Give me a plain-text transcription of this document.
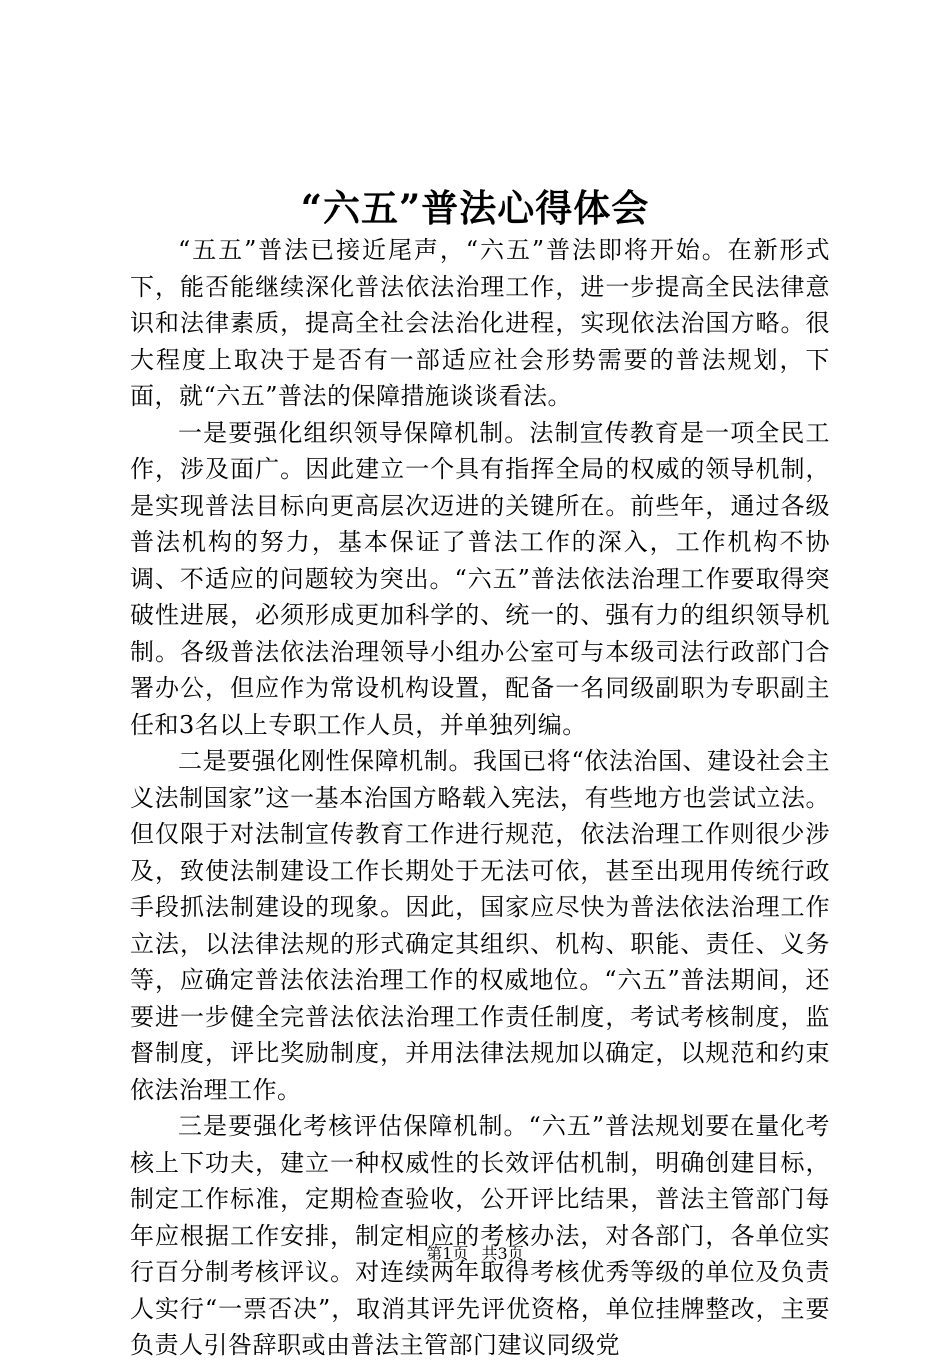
“六五”普法心得体会

“五五”普法已接近尾声，“六五”普法即将开始。在新形式下，能否能继续深化普法依法治理工作，进一步提高全民法律意识和法律素质，提高全社会法治化进程，实现依法治国方略。很大程度上取决于是否有一部适应社会形势需要的普法规划，下面，就“六五”普法的保障措施谈谈看法。

一是要强化组织领导保障机制。法制宣传教育是一项全民工作，涉及面广。因此建立一个具有指挥全局的权威的领导机制，是实现普法目标向更高层次迈进的关键所在。前些年，通过各级普法机构的努力，基本保证了普法工作的深入，工作机构不协调、不适应的问题较为突出。“六五”普法依法治理工作要取得突破性进展，必须形成更加科学的、统一的、强有力的组织领导机制。各级普法依法治理领导小组办公室可与本级司法行政部门合署办公，但应作为常设机构设置，配备一名同级副职为专职副主任和3名以上专职工作人员，并单独列编。

二是要强化刚性保障机制。我国已将“依法治国、建设社会主义法制国家”这一基本治国方略载入宪法，有些地方也尝试立法。但仅限于对法制宣传教育工作进行规范，依法治理工作则很少涉及，致使法制建设工作长期处于无法可依，甚至出现用传统行政手段抓法制建设的现象。因此，国家应尽快为普法依法治理工作立法，以法律法规的形式确定其组织、机构、职能、责任、义务等，应确定普法依法治理工作的权威地位。“六五”普法期间，还要进一步健全完普法依法治理工作责任制度，考试考核制度，监督制度，评比奖励制度，并用法律法规加以确定，以规范和约束依法治理工作。

三是要强化考核评估保障机制。“六五”普法规划要在量化考核上下功夫，建立一种权威性的长效评估机制，明确创建目标，制定工作标准，定期检查验收，公开评比结果，普法主管部门每年应根据工作安排，制定相应的考核办法，对各部门，各单位实行百分制考核评议。对连续两年取得考核优秀等级的单位及负责人实行“一票否决”，取消其评先评优资格，单位挂牌整改，主要负责人引咎辞职或由普法主管部门建议同级党

第1页 共3页
